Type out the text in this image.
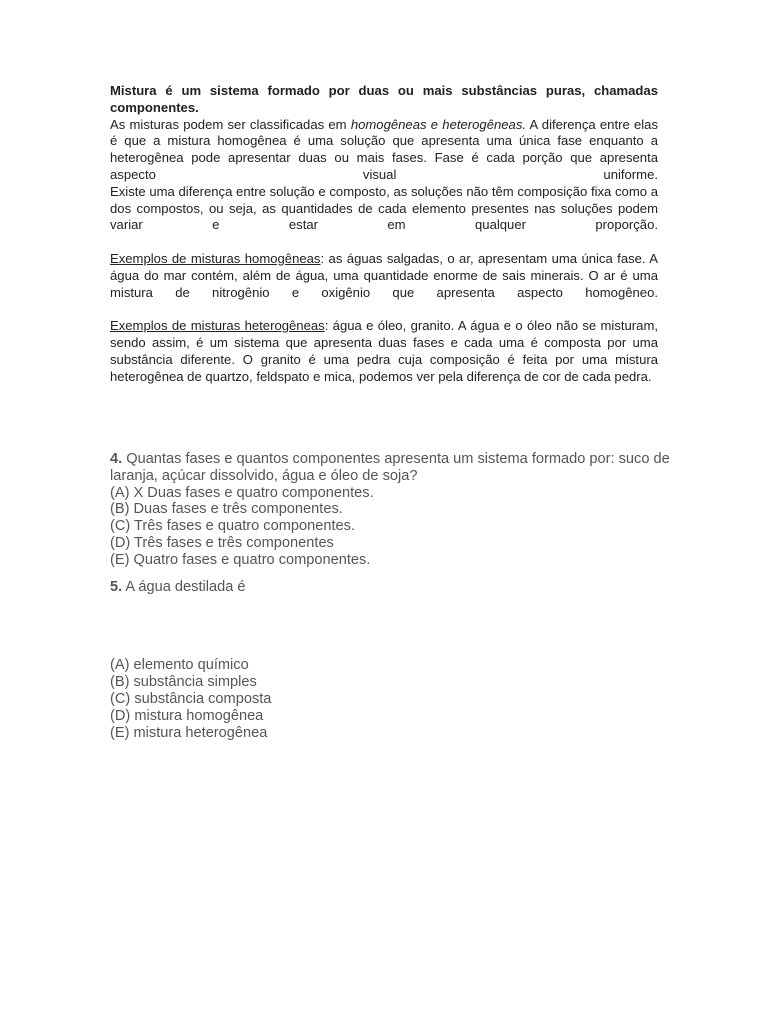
Mistura é um sistema formado por duas ou mais substâncias puras, chamadas componentes.

As misturas podem ser classificadas em homogêneas e heterogêneas. A diferença entre elas é que a mistura homogênea é uma solução que apresenta uma única fase enquanto a heterogênea pode apresentar duas ou mais fases. Fase é cada porção que apresenta aspecto visual uniforme.

Existe uma diferença entre solução e composto, as soluções não têm composição fixa como a dos compostos, ou seja, as quantidades de cada elemento presentes nas soluções podem variar e estar em qualquer proporção.

Exemplos de misturas homogêneas: as águas salgadas, o ar, apresentam uma única fase. A água do mar contém, além de água, uma quantidade enorme de sais minerais. O ar é uma mistura de nitrogênio e oxigênio que apresenta aspecto homogêneo.

Exemplos de misturas heterogêneas: água e óleo, granito. A água e o óleo não se misturam, sendo assim, é um sistema que apresenta duas fases e cada uma é composta por uma substância diferente. O granito é uma pedra cuja composição é feita por uma mistura heterogênea de quartzo, feldspato e mica, podemos ver pela diferença de cor de cada pedra.

4. Quantas fases e quantos componentes apresenta um sistema formado por: suco de laranja, açúcar dissolvido, água e óleo de soja?

(A) X Duas fases e quatro componentes.

(B) Duas fases e três componentes.

(C) Três fases e quatro componentes.

(D) Três fases e três componentes

(E) Quatro fases e quatro componentes.

5. A água destilada é

(A) elemento químico

(B) substância simples

(C) substância composta

(D) mistura homogênea

(E) mistura heterogênea
